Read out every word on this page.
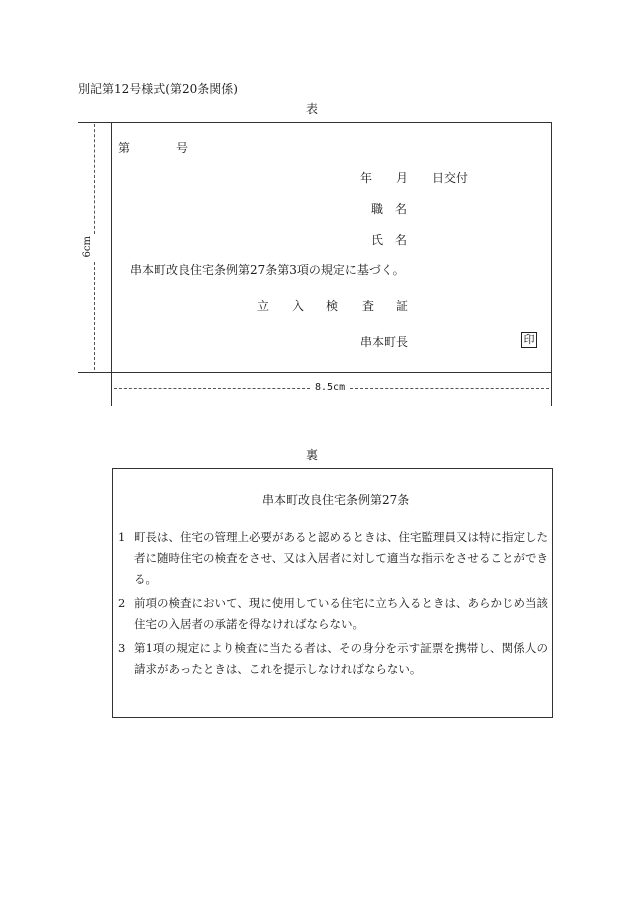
別記第12号様式(第20条関係)
表
6cm
8.5cm
第	号
年 月 日交付
職　名
氏　名
串本町改良住宅条例第27条第3項の規定に基づく。
立 入 検 査 証
串本町長	印
裏
串本町改良住宅条例第27条
1 町長は、住宅の管理上必要があると認めるときは、住宅監理員又は特に指定した者に随時住宅の検査をさせ、又は入居者に対して適当な指示をさせることができる。
2 前項の検査において、現に使用している住宅に立ち入るときは、あらかじめ当該住宅の入居者の承諾を得なければならない。
3 第1項の規定により検査に当たる者は、その身分を示す証票を携帯し、関係人の請求があったときは、これを提示しなければならない。
